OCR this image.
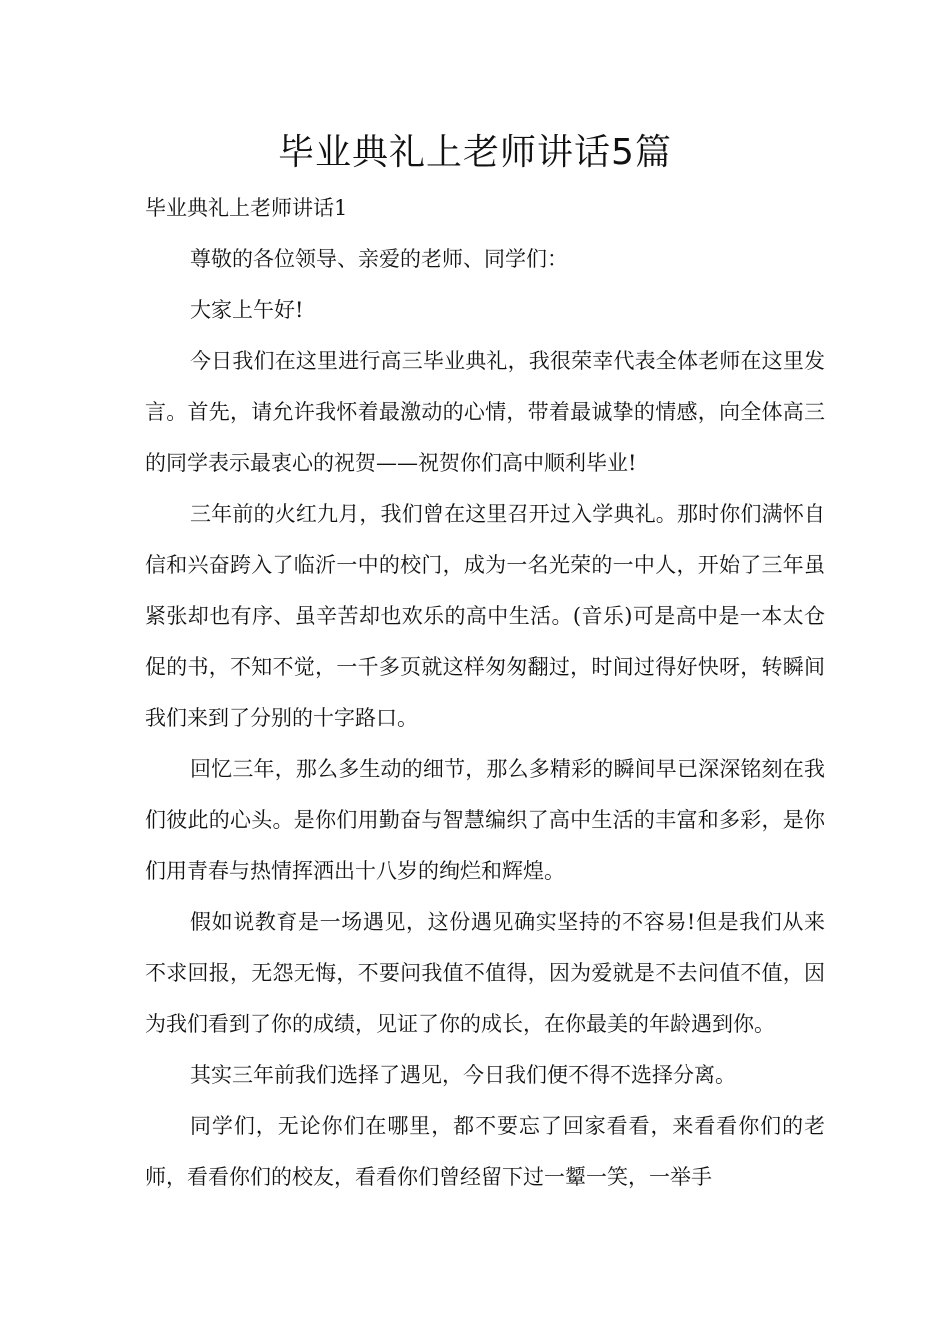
毕业典礼上老师讲话5篇

毕业典礼上老师讲话1

尊敬的各位领导、亲爱的老师、同学们：

大家上午好!

今日我们在这里进行高三毕业典礼，我很荣幸代表全体老师在这里发言。首先，请允许我怀着最激动的心情，带着最诚挚的情感，向全体高三的同学表示最衷心的祝贺——祝贺你们高中顺利毕业!

三年前的火红九月，我们曾在这里召开过入学典礼。那时你们满怀自信和兴奋跨入了临沂一中的校门，成为一名光荣的一中人，开始了三年虽紧张却也有序、虽辛苦却也欢乐的高中生活。(音乐)可是高中是一本太仓促的书，不知不觉，一千多页就这样匆匆翻过，时间过得好快呀，转瞬间我们来到了分别的十字路口。

回忆三年，那么多生动的细节，那么多精彩的瞬间早已深深铭刻在我们彼此的心头。是你们用勤奋与智慧编织了高中生活的丰富和多彩，是你们用青春与热情挥洒出十八岁的绚烂和辉煌。

假如说教育是一场遇见，这份遇见确实坚持的不容易!但是我们从来不求回报，无怨无悔，不要问我值不值得，因为爱就是不去问值不值，因为我们看到了你的成绩，见证了你的成长，在你最美的年龄遇到你。

其实三年前我们选择了遇见，今日我们便不得不选择分离。

同学们，无论你们在哪里，都不要忘了回家看看，来看看你们的老师，看看你们的校友，看看你们曾经留下过一颦一笑，一举手
